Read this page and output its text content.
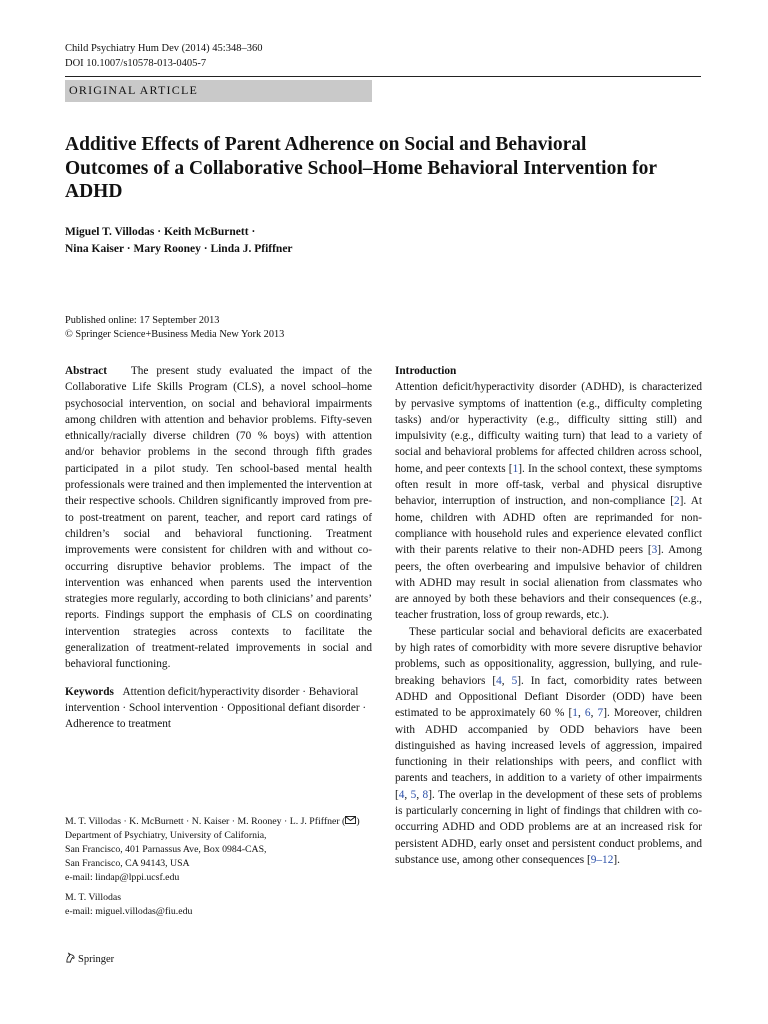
Child Psychiatry Hum Dev (2014) 45:348–360
DOI 10.1007/s10578-013-0405-7
ORIGINAL ARTICLE
Additive Effects of Parent Adherence on Social and Behavioral Outcomes of a Collaborative School–Home Behavioral Intervention for ADHD
Miguel T. Villodas · Keith McBurnett ·
Nina Kaiser · Mary Rooney · Linda J. Pfiffner
Published online: 17 September 2013
© Springer Science+Business Media New York 2013

Abstract The present study evaluated the impact of the Collaborative Life Skills Program (CLS), a novel school–home psychosocial intervention, on social and behavioral impairments among children with attention and behavior problems. Fifty-seven ethnically/racially diverse children (70 % boys) with attention and/or behavior problems in the second through fifth grades participated in a pilot study. Ten school-based mental health professionals were trained and then implemented the intervention at their respective schools. Children significantly improved from pre- to post-treatment on parent, teacher, and report card ratings of children’s social and behavioral functioning. Treatment improvements were consistent for children with and without co-occurring disruptive behavior problems. The impact of the intervention was enhanced when parents used the intervention strategies more regularly, according to both clinicians’ and parents’ reports. Findings support the emphasis of CLS on coordinating intervention strategies across contexts to facilitate the generalization of treatment-related improvements in social and behavioral functioning.

Keywords Attention deficit/hyperactivity disorder · Behavioral intervention · School intervention · Oppositional defiant disorder · Adherence to treatment

M. T. Villodas · K. McBurnett · N. Kaiser · M. Rooney · L. J. Pfiffner ( )
Department of Psychiatry, University of California,
San Francisco, 401 Parnassus Ave, Box 0984-CAS,
San Francisco, CA 94143, USA
e-mail: lindap@lppi.ucsf.edu

M. T. Villodas
e-mail: miguel.villodas@fiu.edu

Introduction

Attention deficit/hyperactivity disorder (ADHD), is characterized by pervasive symptoms of inattention (e.g., difficulty completing tasks) and/or hyperactivity (e.g., difficulty sitting still) and impulsivity (e.g., difficulty waiting turn) that lead to a variety of social and behavioral problems for affected children across school, home, and peer contexts [1]. In the school context, these symptoms often result in more off-task, verbal and physical disruptive behavior, interruption of instruction, and non-compliance [2]. At home, children with ADHD often are reprimanded for non-compliance with household rules and experience elevated conflict with their parents relative to their non-ADHD peers [3]. Among peers, the often overbearing and impulsive behavior of children with ADHD may result in social alienation from classmates who are annoyed by both these behaviors and their consequences (e.g., teacher frustration, loss of group rewards, etc.).

These particular social and behavioral deficits are exacerbated by high rates of comorbidity with more severe disruptive behavior problems, such as oppositionality, aggression, bullying, and rule-breaking behaviors [4, 5]. In fact, comorbidity rates between ADHD and Oppositional Defiant Disorder (ODD) have been estimated to be approximately 60 % [1, 6, 7]. Moreover, children with ADHD accompanied by ODD behaviors have been distinguished as having increased levels of aggression, impaired functioning in their relationships with peers, and conflict with parents and teachers, in addition to a variety of other impairments [4, 5, 8]. The overlap in the development of these sets of problems is particularly concerning in light of findings that children with co-occurring ADHD and ODD problems are at an increased risk for persistent ADHD, early onset and persistent conduct problems, and substance use, among other consequences [9–12].

Springer
